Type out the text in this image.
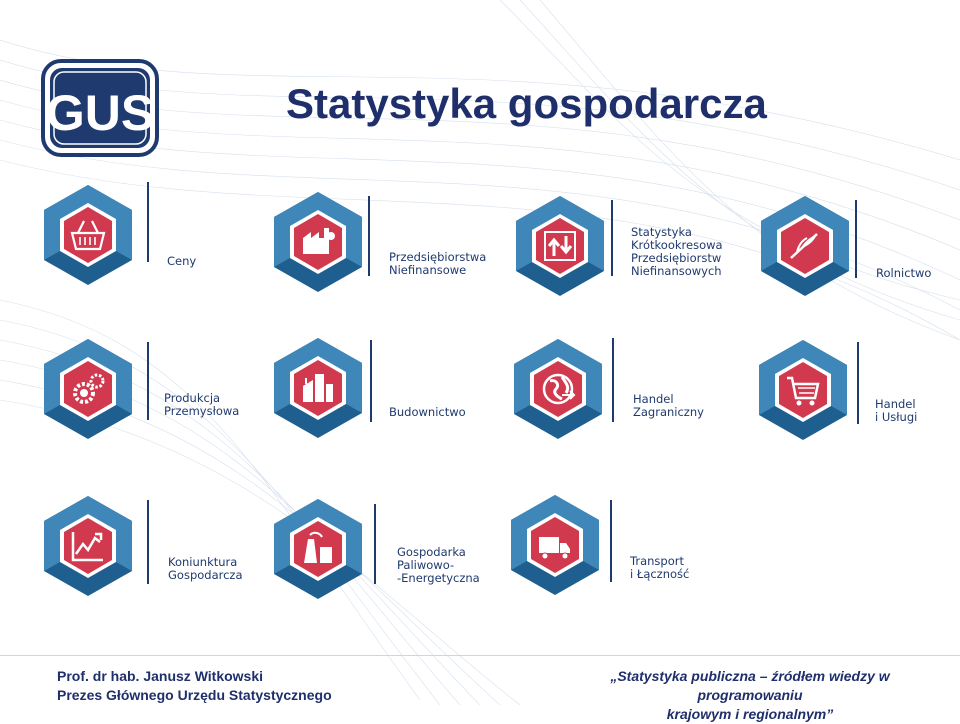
GUS	Statystyka gospodarcza
Ceny	Przedsiębiorstwa
Niefinansowe
Statystyka
Krótkookresowa
Przedsiębiorstw
Niefinansowych	Rolnictwo
Produkcja
Przemysłowa	Budownictwo
Handel
Zagraniczny
Handel
i Usługi
Koniunktura
Gospodarcza
Gospodarka
Paliwowo-
-Energetyczna
Transport
i Łączność
Prof. dr hab. Janusz Witkowski
Prezes Głównego Urzędu Statystycznego
„Statystyka publiczna – źródłem wiedzy w programowaniu
krajowym i regionalnym”
